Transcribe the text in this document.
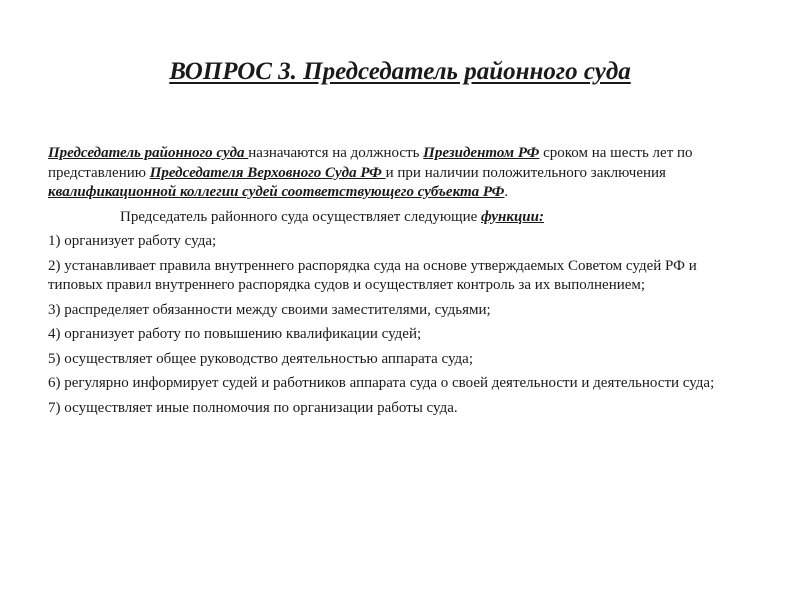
ВОПРОС 3. Председатель районного суда

Председатель районного суда назначаются на должность Президентом РФ сроком на шесть лет по представлению Председателя Верховного Суда РФ и при наличии положительного заключения квалификационной коллегии судей соответствующего субъекта РФ.

Председатель районного суда осуществляет следующие функции:

1) организует работу суда;

2) устанавливает правила внутреннего распорядка суда на основе утверждаемых Советом судей РФ и типовых правил внутреннего распорядка судов и осуществляет контроль за их выполнением;

3) распределяет обязанности между своими заместителями, судьями;

4) организует работу по повышению квалификации судей;

5) осуществляет общее руководство деятельностью аппарата суда;

6) регулярно информирует судей и работников аппарата суда о своей деятельности и деятельности суда;

7) осуществляет иные полномочия по организации работы суда.
